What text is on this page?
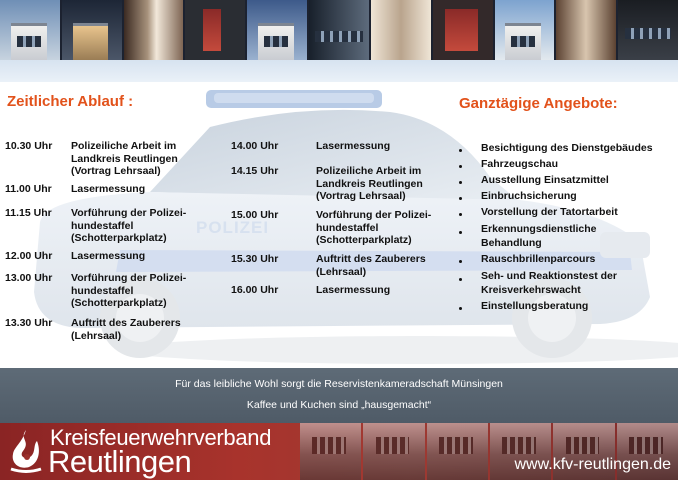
POLIZEI
Zeitlicher Ablauf :	Ganztägige Angebote:
10.30 Uhr	Polizeiliche Arbeit im
Landkreis Reutlingen
(Vortrag Lehrsaal)
11.00 Uhr	Lasermessung
11.15 Uhr	Vorführung der Polizei-
hundestaffel
(Schotterparkplatz)
12.00 Uhr	Lasermessung
13.00 Uhr	Vorführung der Polizei-
hundestaffel
(Schotterparkplatz)
13.30 Uhr	Auftritt des Zauberers
(Lehrsaal)
14.00 Uhr	Lasermessung
14.15 Uhr	Polizeiliche Arbeit im
Landkreis Reutlingen
(Vortrag Lehrsaal)
15.00 Uhr	Vorführung der Polizei-
hundestaffel
(Schotterparkplatz)
15.30 Uhr	Auftritt des Zauberers
(Lehrsaal)
16.00 Uhr	Lasermessung
Besichtigung des Dienstgebäudes
Fahrzeugschau
Ausstellung Einsatzmittel
Einbruchsicherung
Vorstellung der Tatortarbeit
Erkennungsdienstliche
Behandlung
Rauschbrillenparcours
Seh- und Reaktionstest der
Kreisverkehrswacht
Einstellungsberatung
Für das leibliche Wohl sorgt die Reservistenkameradschaft Münsingen
Kaffee und Kuchen sind „hausgemacht“
Kreisfeuerwehrverband
Reutlingen	www.kfv-reutlingen.de
